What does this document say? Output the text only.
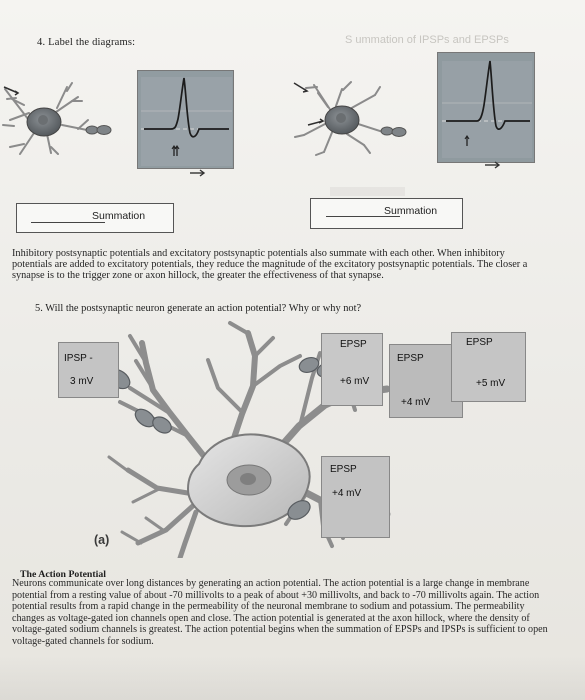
4. Label the diagrams:	S ummation of IPSPs and EPSPs
Summation	Summation
Inhibitory postsynaptic potentials and excitatory postsynaptic potentials also summate with each other. When inhibitory potentials are added to excitatory potentials, they reduce the magnitude of the excitatory postsynaptic potentials. The closer a synapse is to the trigger zone or axon hillock, the greater the effectiveness of that synapse.
5. Will the postsynaptic neuron generate an action potential? Why or why not?
IPSP -
3 mV
EPSP
+6 mV
EPSP
+4 mV
EPSP
+5 mV
EPSP
+4 mV
(a)
The Action Potential
Neurons communicate over long distances by generating an action potential. The action potential is a large change in membrane potential from a resting value of about -70 millivolts to a peak of about +30 millivolts, and back to -70 millivolts again. The action potential results from a rapid change in the permeability of the neuronal membrane to sodium and potassium. The permeability changes as voltage-gated ion channels open and close. The action potential is generated at the axon hillock, where the density of voltage-gated sodium channels is greatest. The action potential begins when the summation of EPSPs and IPSPs is sufficient to open voltage-gated channels for sodium.
